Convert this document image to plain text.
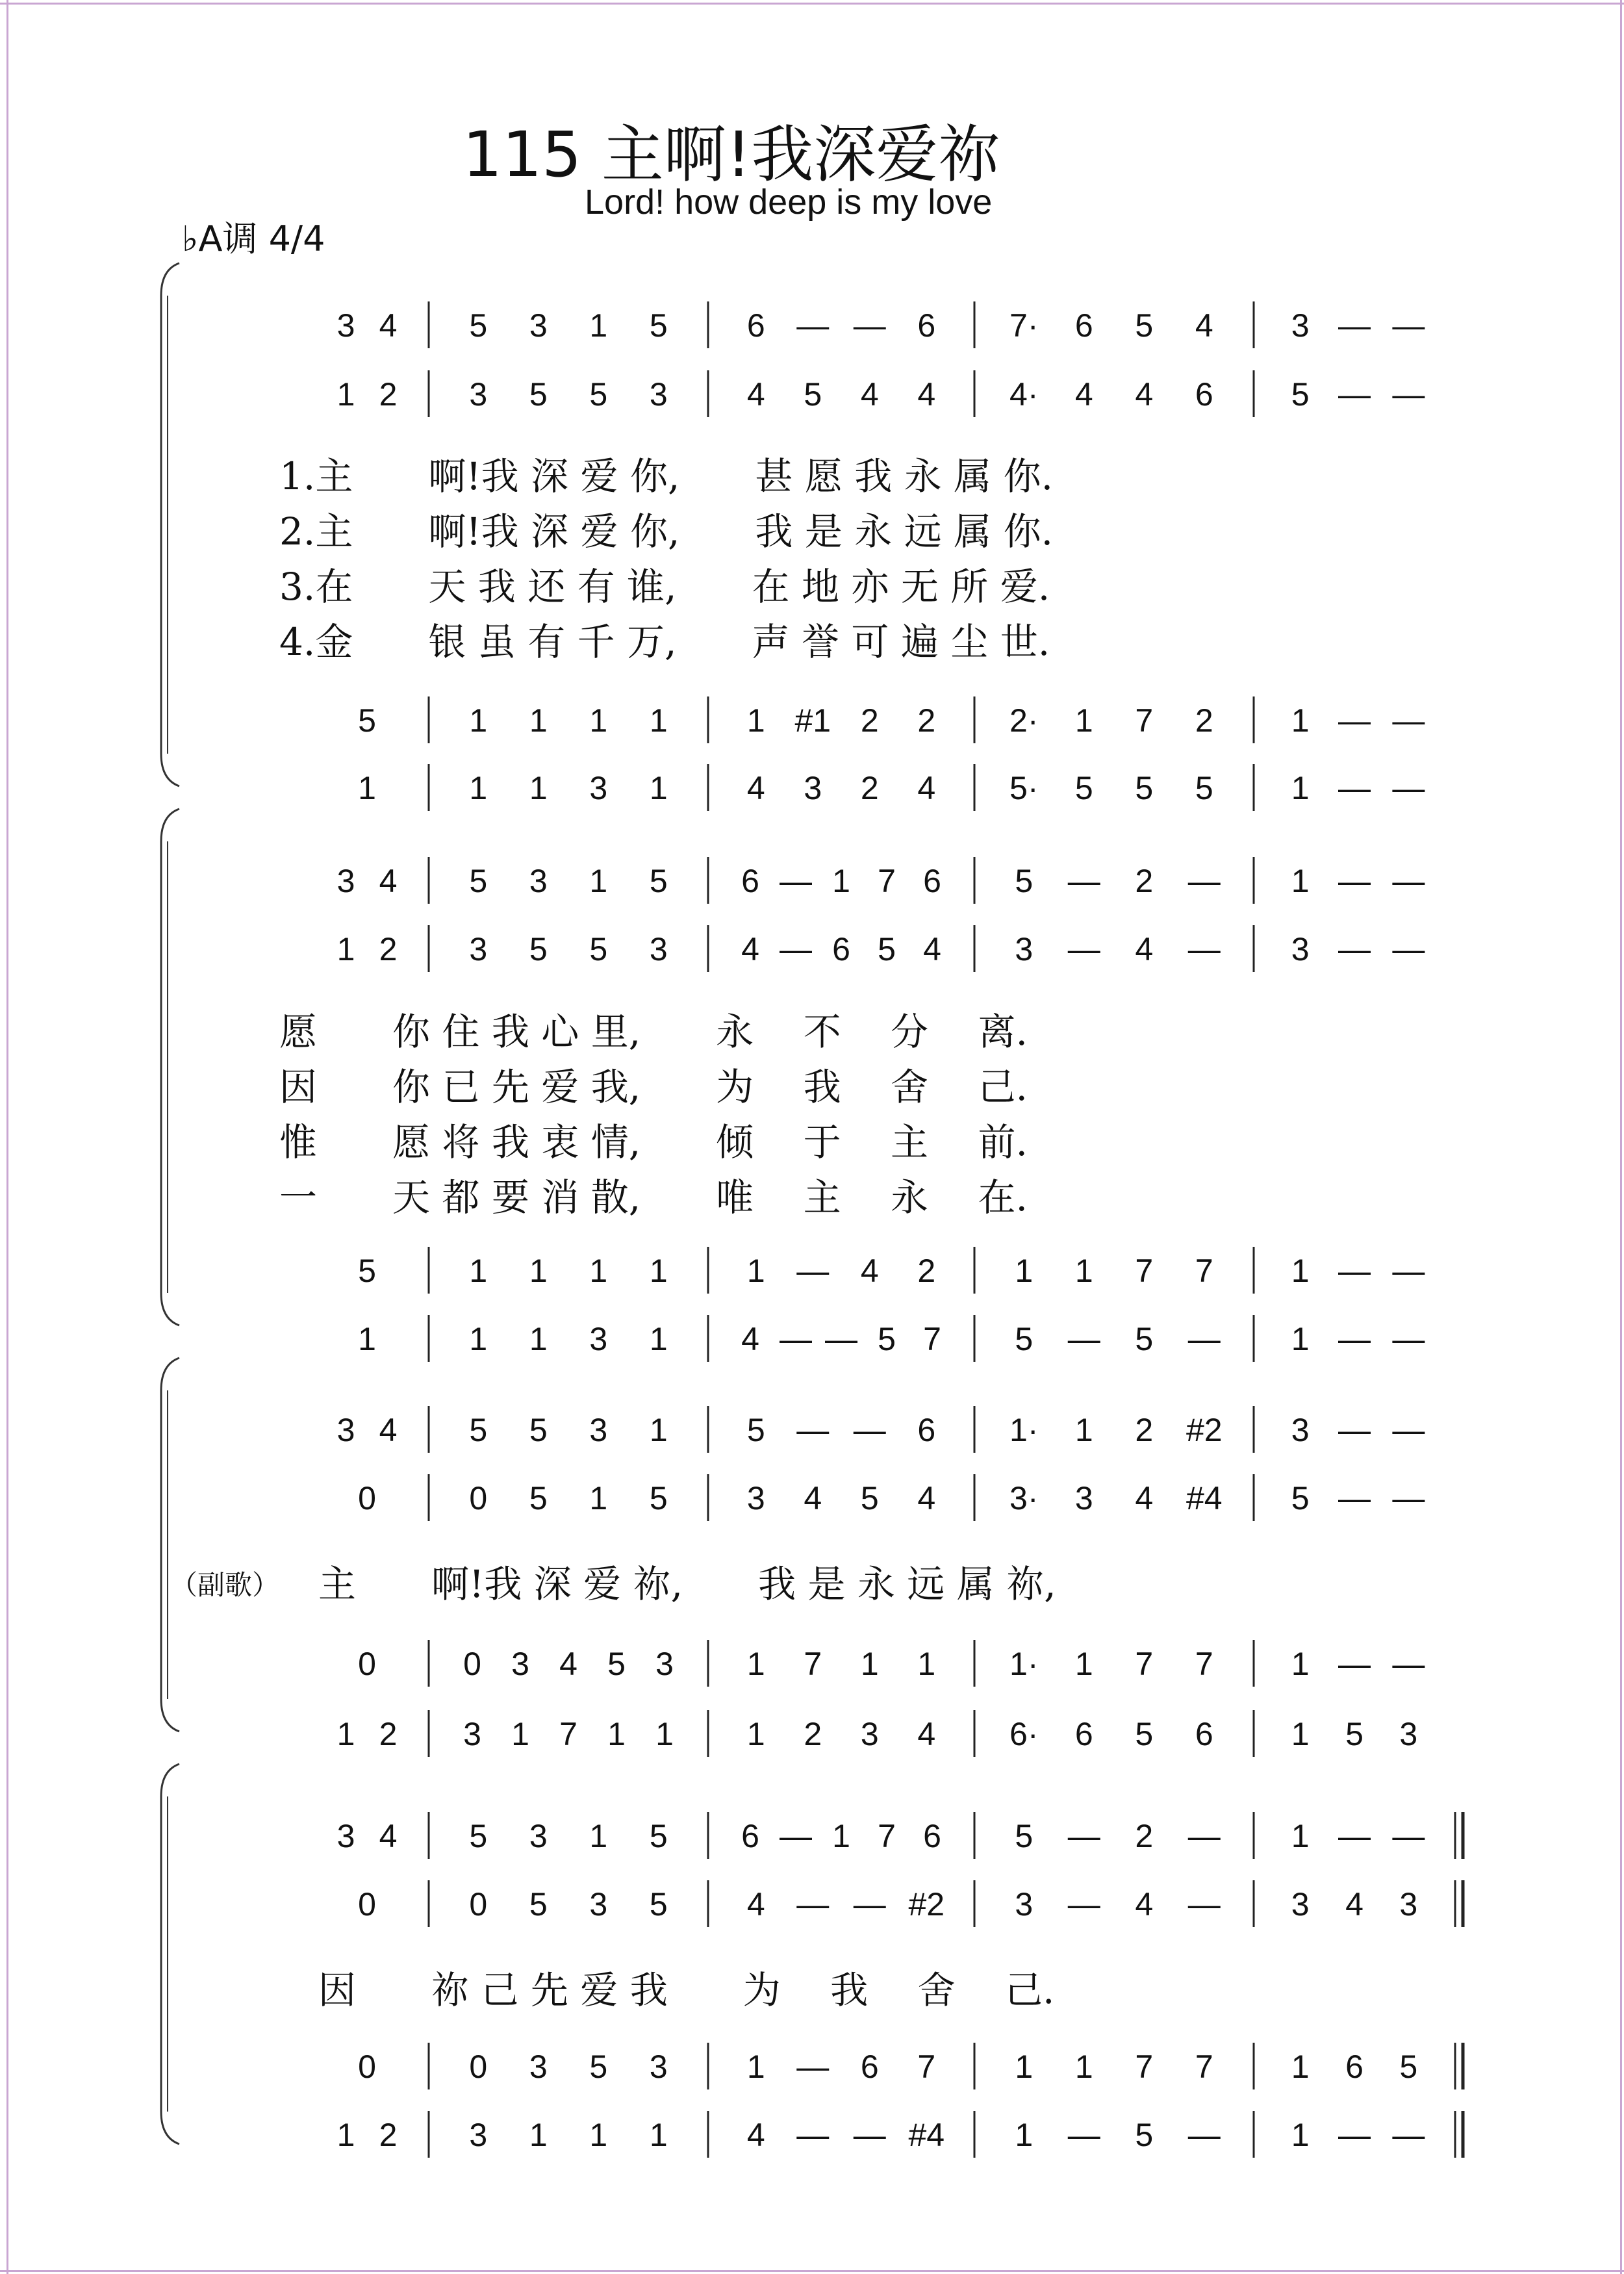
115 主啊!我深爱祢
Lord! how deep is my love
♭A调 4/4
3 4 5 3 1 5 6 — — 6 7· 6 5 4 3 — —
1 2 3 5 5 3 4 5 4 4 4· 4 4 6 5 — —
5	1 1 1 1 1 #1 2 2 2· 1 7 2 1 — —
1	1 1 3 1 4 3 2 4 5· 5 5 5 1 — —
1.主　　啊!我 深 爱 你,　　甚 愿 我 永 属 你.
2.主　　啊!我 深 爱 你,　　我 是 永 远 属 你.
3.在　　天 我 还 有 谁,　　在 地 亦 无 所 爱.
4.金　　银 虽 有 千 万,　　声 誉 可 遍 尘 世.
3 4 5 3 1 5 6 — 1 7 6 5 — 2 — 1 — —
1 2 3 5 5 3 4 — 6 5 4 3 — 4 — 3 — —
5	1 1 1 1 1 — 4 2 1 1 7 7 1 — —
1	1 1 3 1 4 — — 5 7 5 — 5 — 1 — —
愿　　你 住 我 心 里,　　永　 不　 分　 离.
因　　你 已 先 爱 我,　　为　 我　 舍　 己.
惟　　愿 将 我 衷 情,　　倾　 于　 主　 前.
一　　天 都 要 消 散,　　唯　 主　 永　 在.
3 4 5 5 3 1 5 — — 6 1· 1 2 #2 3 — —
0	0 5 1 5 3 4 5 4 3· 3 4 #4 5 — —
0	0 3 4 5 3 1 7 1 1 1· 1 7 7 1 — —
1 2 3 1 7 1 1 1 2 3 4 6· 6 5 6 1 5 3
主　　啊!我 深 爱 祢,　　我 是 永 远 属 祢,
3 4 5 3 1 5 6 — 1 7 6 5 — 2 — 1 — —
0	0 5 3 5 4 — — #2 3 — 4 — 3 4 3
0	0 3 5 3 1 — 6 7 1 1 7 7 1 6 5
1 2 3 1 1 1 4 — — #4 1 — 5 — 1 — —
因　　祢 己 先 爱 我　　为　 我　 舍　 己.
（副歌）
